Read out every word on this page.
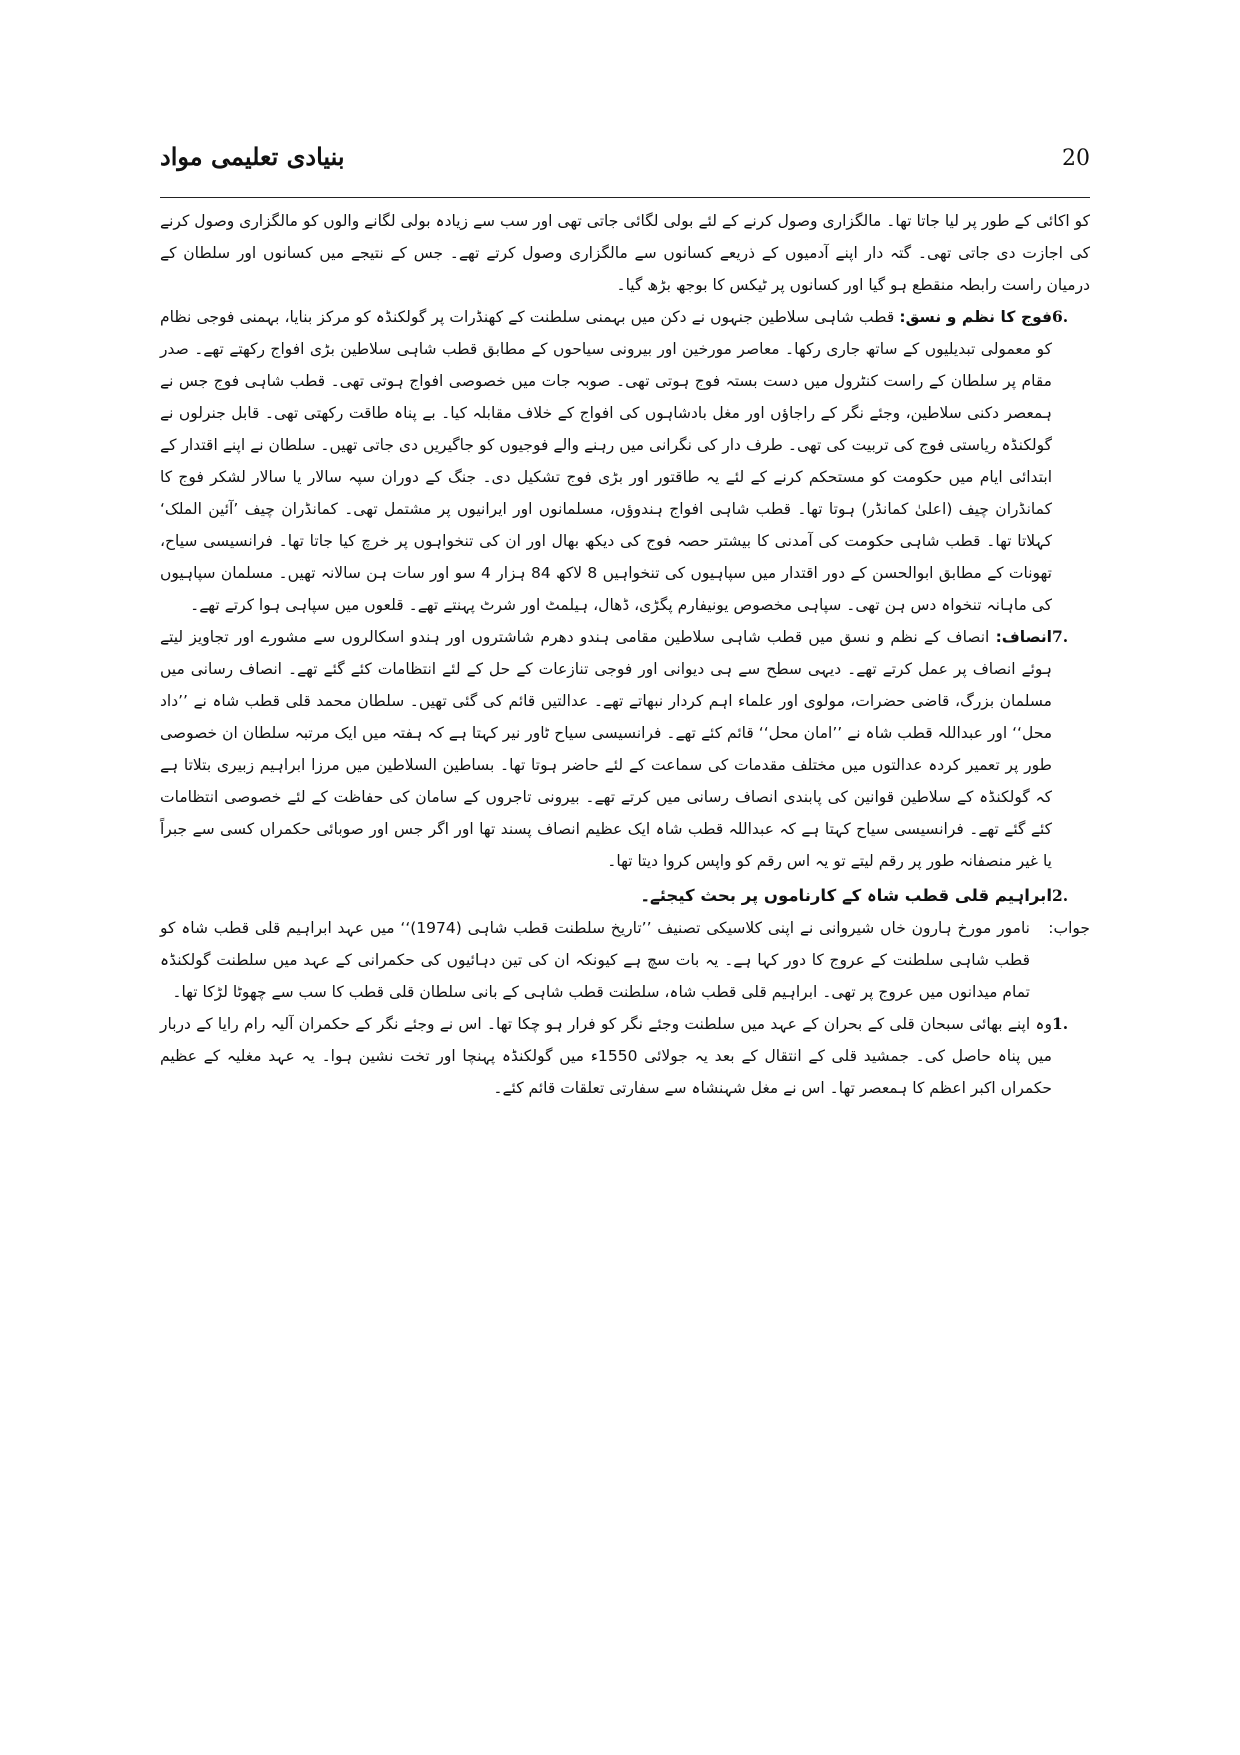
بنیادی تعلیمی مواد	20

کو اکائی کے طور پر لیا جاتا تھا۔ مالگزاری وصول کرنے کے لئے بولی لگائی جاتی تھی اور سب سے زیادہ بولی لگانے والوں کو مالگزاری وصول کرنے کی اجازت دی جاتی تھی۔ گتہ دار اپنے آدمیوں کے ذریعے کسانوں سے مالگزاری وصول کرتے تھے۔ جس کے نتیجے میں کسانوں اور سلطان کے درمیان راست رابطہ منقطع ہو گیا اور کسانوں پر ٹیکس کا بوجھ بڑھ گیا۔

6.
فوج کا نظم و نسق: قطب شاہی سلاطین جنہوں نے دکن میں بہمنی سلطنت کے کھنڈرات پر گولکنڈہ کو مرکز بنایا، بہمنی فوجی نظام کو معمولی تبدیلیوں کے ساتھ جاری رکھا۔ معاصر مورخین اور بیرونی سیاحوں کے مطابق قطب شاہی سلاطین بڑی افواج رکھتے تھے۔ صدر مقام پر سلطان کے راست کنٹرول میں دست بستہ فوج ہوتی تھی۔ صوبہ جات میں خصوصی افواج ہوتی تھی۔ قطب شاہی فوج جس نے ہمعصر دکنی سلاطین، وجئے نگر کے راجاؤں اور مغل بادشاہوں کی افواج کے خلاف مقابلہ کیا۔ بے پناہ طاقت رکھتی تھی۔ قابل جنرلوں نے گولکنڈہ ریاستی فوج کی تربیت کی تھی۔ طرف دار کی نگرانی میں رہنے والے فوجیوں کو جاگیریں دی جاتی تھیں۔ سلطان نے اپنے اقتدار کے ابتدائی ایام میں حکومت کو مستحکم کرنے کے لئے یہ طاقتور اور بڑی فوج تشکیل دی۔ جنگ کے دوران سپہ سالار یا سالار لشکر فوج کا کمانڈران چیف (اعلیٰ کمانڈر) ہوتا تھا۔ قطب شاہی افواج ہندوؤں، مسلمانوں اور ایرانیوں پر مشتمل تھی۔ کمانڈران چیف ’آئین الملک‘ کہلاتا تھا۔ قطب شاہی حکومت کی آمدنی کا بیشتر حصہ فوج کی دیکھ بھال اور ان کی تنخواہوں پر خرچ کیا جاتا تھا۔ فرانسیسی سیاح، تھونات کے مطابق ابوالحسن کے دور اقتدار میں سپاہیوں کی تنخواہیں 8 لاکھ 84 ہزار 4 سو اور سات ہن سالانہ تھیں۔ مسلمان سپاہیوں کی ماہانہ تنخواہ دس ہن تھی۔ سپاہی مخصوص یونیفارم پگڑی، ڈھال، ہیلمٹ اور شرٹ پہنتے تھے۔ قلعوں میں سپاہی ہوا کرتے تھے۔
7.
انصاف: انصاف کے نظم و نسق میں قطب شاہی سلاطین مقامی ہندو دھرم شاشتروں اور ہندو اسکالروں سے مشورے اور تجاویز لیتے ہوئے انصاف پر عمل کرتے تھے۔ دیہی سطح سے ہی دیوانی اور فوجی تنازعات کے حل کے لئے انتظامات کئے گئے تھے۔ انصاف رسانی میں مسلمان بزرگ، قاضی حضرات، مولوی اور علماء اہم کردار نبھاتے تھے۔ عدالتیں قائم کی گئی تھیں۔ سلطان محمد قلی قطب شاہ نے ’’داد محل‘‘ اور عبداللہ قطب شاہ نے ’’امان محل‘‘ قائم کئے تھے۔ فرانسیسی سیاح ٹاور نیر کہتا ہے کہ ہفتہ میں ایک مرتبہ سلطان ان خصوصی طور پر تعمیر کردہ عدالتوں میں مختلف مقدمات کی سماعت کے لئے حاضر ہوتا تھا۔ بساطین السلاطین میں مرزا ابراہیم زبیری بتلاتا ہے کہ گولکنڈہ کے سلاطین قوانین کی پابندی انصاف رسانی میں کرتے تھے۔ بیرونی تاجروں کے سامان کی حفاظت کے لئے خصوصی انتظامات کئے گئے تھے۔ فرانسیسی سیاح کہتا ہے کہ عبداللہ قطب شاہ ایک عظیم انصاف پسند تھا اور اگر جس اور صوبائی حکمراں کسی سے جبراً یا غیر منصفانہ طور پر رقم لیتے تو یہ اس رقم کو واپس کروا دیتا تھا۔
2.
ابراہیم قلی قطب شاہ کے کارناموں پر بحث کیجئے۔
جواب:
نامور مورخ ہارون خاں شیروانی نے اپنی کلاسیکی تصنیف ’’تاریخ سلطنت قطب شاہی (1974)‘‘ میں عہد ابراہیم قلی قطب شاہ کو قطب شاہی سلطنت کے عروج کا دور کہا ہے۔ یہ بات سچ ہے کیونکہ ان کی تین دہائیوں کی حکمرانی کے عہد میں سلطنت گولکنڈہ تمام میدانوں میں عروج پر تھی۔ ابراہیم قلی قطب شاہ، سلطنت قطب شاہی کے بانی سلطان قلی قطب کا سب سے چھوٹا لڑکا تھا۔
1.
وہ اپنے بھائی سبحان قلی کے بحران کے عہد میں سلطنت وجئے نگر کو فرار ہو چکا تھا۔ اس نے وجئے نگر کے حکمران آلیہ رام رایا کے دربار میں پناہ حاصل کی۔ جمشید قلی کے انتقال کے بعد یہ جولائی 1550ء میں گولکنڈہ پہنچا اور تخت نشین ہوا۔ یہ عہد مغلیہ کے عظیم حکمراں اکبر اعظم کا ہمعصر تھا۔ اس نے مغل شہنشاہ سے سفارتی تعلقات قائم کئے۔
